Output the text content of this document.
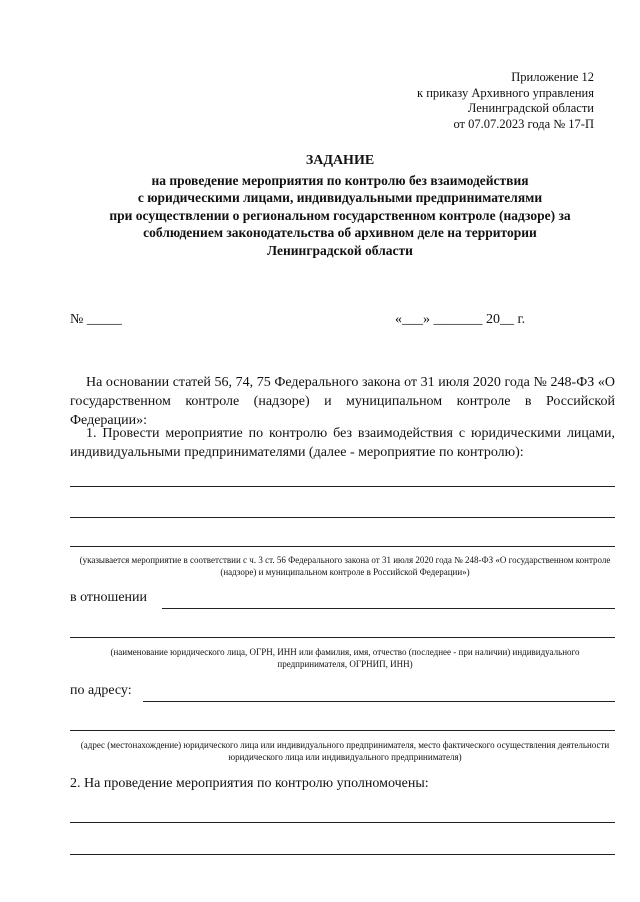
Приложение 12
к приказу Архивного управления
Ленинградской области
от 07.07.2023 года № 17-П
ЗАДАНИЕ
на проведение мероприятия по контролю без взаимодействия
с юридическими лицами, индивидуальными предпринимателями
при осуществлении о региональном государственном контроле (надзоре) за
соблюдением законодательства об архивном деле на территории
Ленинградской области
№ _____	«___» _______ 20__ г.
На основании статей 56, 74, 75 Федерального закона от 31 июля 2020 года № 248-ФЗ «О государственном контроле (надзоре) и муниципальном контроле в Российской Федерации»:
1. Провести мероприятие по контролю без взаимодействия с юридическими лицами, индивидуальными предпринимателями (далее - мероприятие по контролю):
(указывается мероприятие в соответствии с ч. 3 ст. 56 Федерального закона от 31 июля 2020 года № 248-ФЗ «О государственном контроле (надзоре) и муниципальном контроле в Российской Федерации»)
в отношении
(наименование юридического лица, ОГРН, ИНН или фамилия, имя, отчество (последнее - при наличии) индивидуального предпринимателя, ОГРНИП, ИНН)
по адресу:
(адрес (местонахождение) юридического лица или индивидуального предпринимателя, место фактического осуществления деятельности юридического лица или индивидуального предпринимателя)
2. На проведение мероприятия по контролю уполномочены:
